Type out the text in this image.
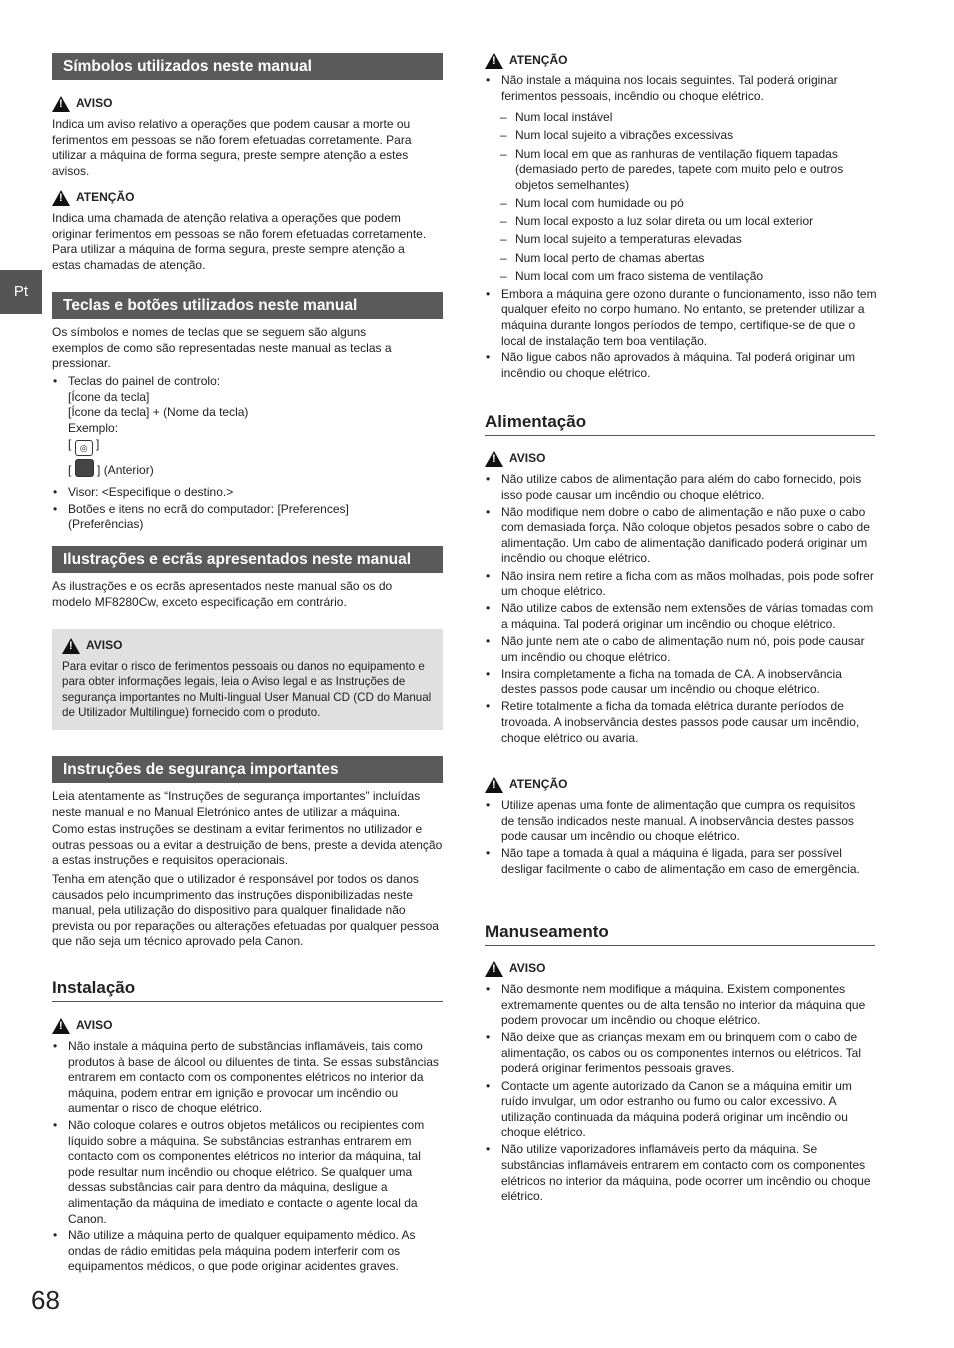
Pt
Símbolos utilizados neste manual
!
AVISO

Indica um aviso relativo a operações que podem causar a morte ou ferimentos em pessoas se não forem efetuadas corretamente. Para utilizar a máquina de forma segura, preste sempre atenção a estes avisos.

!
ATENÇÃO

Indica uma chamada de atenção relativa a operações que podem originar ferimentos em pessoas se não forem efetuadas corretamente. Para utilizar a máquina de forma segura, preste sempre atenção a estas chamadas de atenção.

Teclas e botões utilizados neste manual

Os símbolos e nomes de teclas que se seguem são alguns exemplos de como são representadas neste manual as teclas a pressionar.

• Teclas do painel de controlo:
[Ícone da tecla]
[Ícone da tecla] + (Nome da tecla)
Exemplo:
[ ◎ ]
[  ] (Anterior)
• Visor: <Especifique o destino.>
• Botões e itens no ecrã do computador: [Preferences] (Preferências)
Ilustrações e ecrãs apresentados neste manual

As ilustrações e os ecrãs apresentados neste manual são os do modelo MF8280Cw, exceto especificação em contrário.

!
AVISO

Para evitar o risco de ferimentos pessoais ou danos no equipamento e para obter informações legais, leia o Aviso legal e as Instruções de segurança importantes no Multi-lingual User Manual CD (CD do Manual de Utilizador Multilingue) fornecido com o produto.

Instruções de segurança importantes

Leia atentamente as “Instruções de segurança importantes” incluídas neste manual e no Manual Eletrónico antes de utilizar a máquina.

Como estas instruções se destinam a evitar ferimentos no utilizador e outras pessoas ou a evitar a destruição de bens, preste a devida atenção a estas instruções e requisitos operacionais.

Tenha em atenção que o utilizador é responsável por todos os danos causados pelo incumprimento das instruções disponibilizadas neste manual, pela utilização do dispositivo para qualquer finalidade não prevista ou por reparações ou alterações efetuadas por qualquer pessoa que não seja um técnico aprovado pela Canon.

Instalação
!
AVISO
• Não instale a máquina perto de substâncias inflamáveis, tais como produtos à base de álcool ou diluentes de tinta. Se essas substâncias entrarem em contacto com os componentes elétricos no interior da máquina, podem entrar em ignição e provocar um incêndio ou aumentar o risco de choque elétrico.
• Não coloque colares e outros objetos metálicos ou recipientes com líquido sobre a máquina. Se substâncias estranhas entrarem em contacto com os componentes elétricos no interior da máquina, tal pode resultar num incêndio ou choque elétrico. Se qualquer uma dessas substâncias cair para dentro da máquina, desligue a alimentação da máquina de imediato e contacte o agente local da Canon.
• Não utilize a máquina perto de qualquer equipamento médico. As ondas de rádio emitidas pela máquina podem interferir com os equipamentos médicos, o que pode originar acidentes graves.
68
!
ATENÇÃO
• Não instale a máquina nos locais seguintes. Tal poderá originar ferimentos pessoais, incêndio ou choque elétrico.
– Num local instável
– Num local sujeito a vibrações excessivas
– Num local em que as ranhuras de ventilação fiquem tapadas (demasiado perto de paredes, tapete com muito pelo e outros objetos semelhantes)
– Num local com humidade ou pó
– Num local exposto a luz solar direta ou um local exterior
– Num local sujeito a temperaturas elevadas
– Num local perto de chamas abertas
– Num local com um fraco sistema de ventilação
• Embora a máquina gere ozono durante o funcionamento, isso não tem qualquer efeito no corpo humano. No entanto, se pretender utilizar a máquina durante longos períodos de tempo, certifique-se de que o local de instalação tem boa ventilação.
• Não ligue cabos não aprovados à máquina. Tal poderá originar um incêndio ou choque elétrico.
Alimentação
!
AVISO
• Não utilize cabos de alimentação para além do cabo fornecido, pois isso pode causar um incêndio ou choque elétrico.
• Não modifique nem dobre o cabo de alimentação e não puxe o cabo com demasiada força. Não coloque objetos pesados sobre o cabo de alimentação. Um cabo de alimentação danificado poderá originar um incêndio ou choque elétrico.
• Não insira nem retire a ficha com as mãos molhadas, pois pode sofrer um choque elétrico.
• Não utilize cabos de extensão nem extensões de várias tomadas com a máquina. Tal poderá originar um incêndio ou choque elétrico.
• Não junte nem ate o cabo de alimentação num nó, pois pode causar um incêndio ou choque elétrico.
• Insira completamente a ficha na tomada de CA. A inobservância destes passos pode causar um incêndio ou choque elétrico.
• Retire totalmente a ficha da tomada elétrica durante períodos de trovoada. A inobservância destes passos pode causar um incêndio, choque elétrico ou avaria.
!
ATENÇÃO
• Utilize apenas uma fonte de alimentação que cumpra os requisitos de tensão indicados neste manual. A inobservância destes passos pode causar um incêndio ou choque elétrico.
• Não tape a tomada à qual a máquina é ligada, para ser possível desligar facilmente o cabo de alimentação em caso de emergência.
Manuseamento
!
AVISO
• Não desmonte nem modifique a máquina. Existem componentes extremamente quentes ou de alta tensão no interior da máquina que podem provocar um incêndio ou choque elétrico.
• Não deixe que as crianças mexam em ou brinquem com o cabo de alimentação, os cabos ou os componentes internos ou elétricos. Tal poderá originar ferimentos pessoais graves.
• Contacte um agente autorizado da Canon se a máquina emitir um ruído invulgar, um odor estranho ou fumo ou calor excessivo. A utilização continuada da máquina poderá originar um incêndio ou choque elétrico.
• Não utilize vaporizadores inflamáveis perto da máquina. Se substâncias inflamáveis entrarem em contacto com os componentes elétricos no interior da máquina, pode ocorrer um incêndio ou choque elétrico.
